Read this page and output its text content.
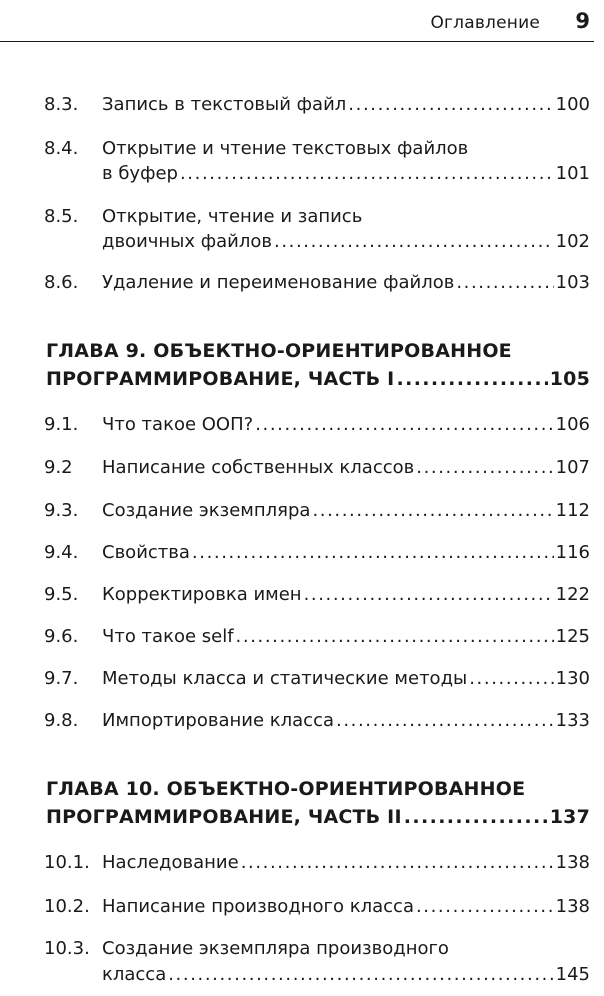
Оглавление 9
8.3. Запись в текстовый файл .....	100
8.4. Открытие и чтение текстовых файлов
в буфер .....	101
8.5. Открытие, чтение и запись
двоичных файлов .....	102
8.6. Удаление и переименование файлов .....	103
ГЛАВА 9. ОБЪЕКТНО-ОРИЕНТИРОВАННОЕ
ПРОГРАММИРОВАНИЕ, ЧАСТЬ I .....	105
9.1. Что такое ООП? .....	106
9.2 Написание собственных классов .....	107
9.3. Создание экземпляра .....	112
9.4. Свойства .....	116
9.5. Корректировка имен .....	122
9.6. Что такое self .....	125
9.7. Методы класса и статические методы .....	130
9.8. Импортирование класса .....	133
ГЛАВА 10. ОБЪЕКТНО-ОРИЕНТИРОВАННОЕ
ПРОГРАММИРОВАНИЕ, ЧАСТЬ II .....	137
10.1. Наследование .....	138
10.2. Написание производного класса .....	138
10.3. Создание экземпляра производного
класса .....	145
